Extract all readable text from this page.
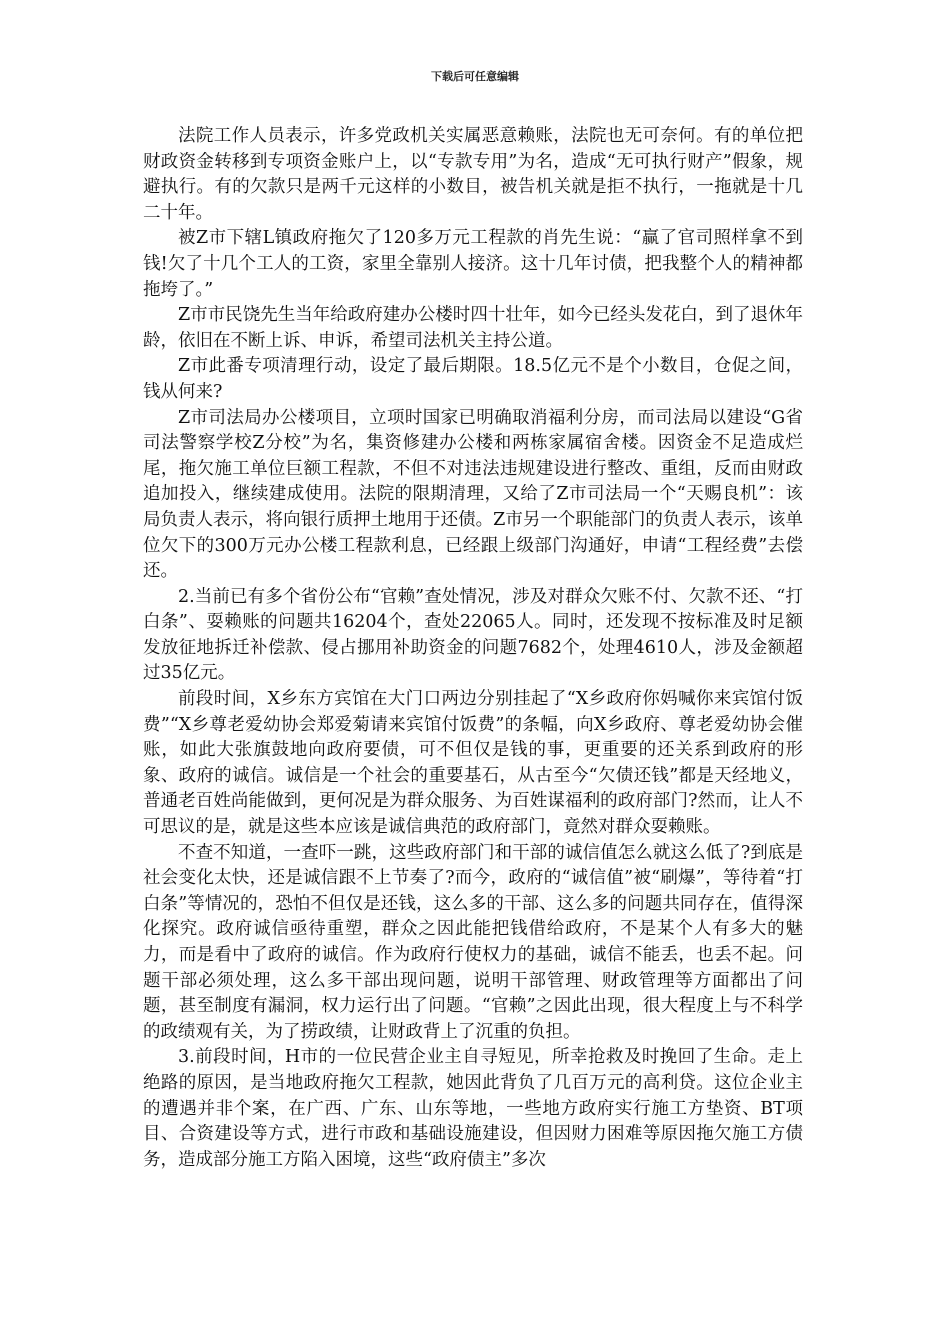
下载后可任意编辑

法院工作人员表示，许多党政机关实属恶意赖账，法院也无可奈何。有的单位把财政资金转移到专项资金账户上，以“专款专用”为名，造成“无可执行财产”假象，规避执行。有的欠款只是两千元这样的小数目，被告机关就是拒不执行，一拖就是十几二十年。

被Z市下辖L镇政府拖欠了120多万元工程款的肖先生说：“赢了官司照样拿不到钱!欠了十几个工人的工资，家里全靠别人接济。这十几年讨债，把我整个人的精神都拖垮了。”

Z市市民饶先生当年给政府建办公楼时四十壮年，如今已经头发花白，到了退休年龄，依旧在不断上诉、申诉，希望司法机关主持公道。

Z市此番专项清理行动，设定了最后期限。18.5亿元不是个小数目，仓促之间，钱从何来?

Z市司法局办公楼项目，立项时国家已明确取消福利分房，而司法局以建设“G省司法警察学校Z分校”为名，集资修建办公楼和两栋家属宿舍楼。因资金不足造成烂尾，拖欠施工单位巨额工程款，不但不对违法违规建设进行整改、重组，反而由财政追加投入，继续建成使用。法院的限期清理，又给了Z市司法局一个“天赐良机”：该局负责人表示，将向银行质押土地用于还债。Z市另一个职能部门的负责人表示，该单位欠下的300万元办公楼工程款利息，已经跟上级部门沟通好，申请“工程经费”去偿还。

2.当前已有多个省份公布“官赖”查处情况，涉及对群众欠账不付、欠款不还、“打白条”、耍赖账的问题共16204个，查处22065人。同时，还发现不按标准及时足额发放征地拆迁补偿款、侵占挪用补助资金的问题7682个，处理4610人，涉及金额超过35亿元。

前段时间，X乡东方宾馆在大门口两边分别挂起了“X乡政府你妈喊你来宾馆付饭费”“X乡尊老爱幼协会郑爱菊请来宾馆付饭费”的条幅，向X乡政府、尊老爱幼协会催账，如此大张旗鼓地向政府要债，可不但仅是钱的事，更重要的还关系到政府的形象、政府的诚信。诚信是一个社会的重要基石，从古至今“欠债还钱”都是天经地义，普通老百姓尚能做到，更何况是为群众服务、为百姓谋福利的政府部门?然而，让人不可思议的是，就是这些本应该是诚信典范的政府部门，竟然对群众耍赖账。

不查不知道，一查吓一跳，这些政府部门和干部的诚信值怎么就这么低了?到底是社会变化太快，还是诚信跟不上节奏了?而今，政府的“诚信值”被“刷爆”，等待着“打白条”等情况的，恐怕不但仅是还钱，这么多的干部、这么多的问题共同存在，值得深化探究。政府诚信亟待重塑，群众之因此能把钱借给政府，不是某个人有多大的魅力，而是看中了政府的诚信。作为政府行使权力的基础，诚信不能丢，也丢不起。问题干部必须处理，这么多干部出现问题，说明干部管理、财政管理等方面都出了问题，甚至制度有漏洞，权力运行出了问题。“官赖”之因此出现，很大程度上与不科学的政绩观有关，为了捞政绩，让财政背上了沉重的负担。

3.前段时间，H市的一位民营企业主自寻短见，所幸抢救及时挽回了生命。走上绝路的原因，是当地政府拖欠工程款，她因此背负了几百万元的高利贷。这位企业主的遭遇并非个案，在广西、广东、山东等地，一些地方政府实行施工方垫资、BT项目、合资建设等方式，进行市政和基础设施建设，但因财力困难等原因拖欠施工方债务，造成部分施工方陷入困境，这些“政府债主”多次
